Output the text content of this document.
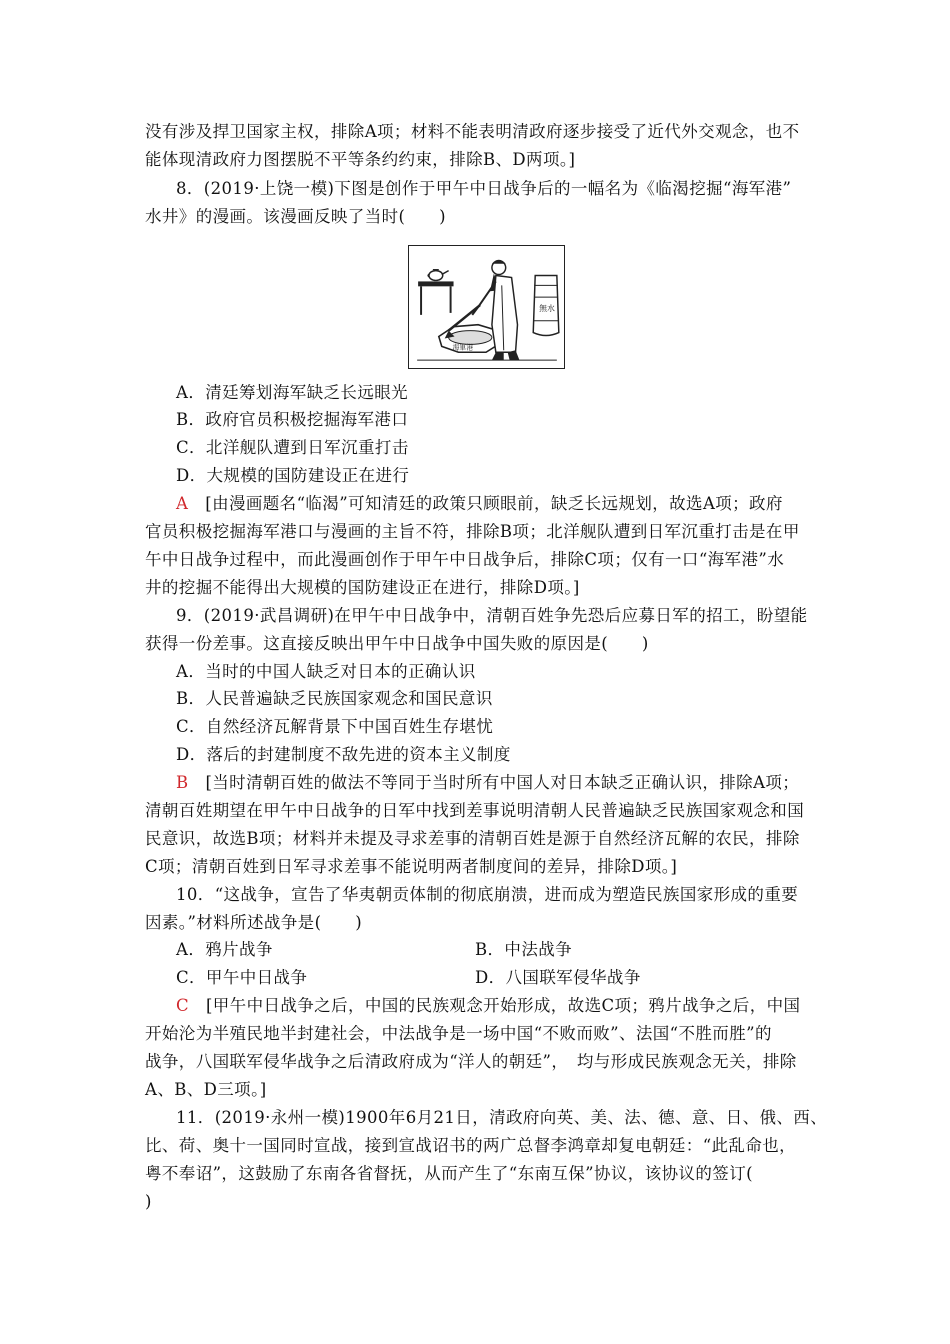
没有涉及捍卫国家主权，排除A项；材料不能表明清政府逐步接受了近代外交观念，也不
能体现清政府力图摆脱不平等条约约束，排除B、D两项。]
8．(2019·上饶一模)下图是创作于甲午中日战争后的一幅名为《临渴挖掘“海军港”
水井》的漫画。该漫画反映了当时(　　)
海軍港
無水
A．清廷筹划海军缺乏长远眼光
B．政府官员积极挖掘海军港口
C．北洋舰队遭到日军沉重打击
D．大规模的国防建设正在进行
A　 [由漫画题名“临渴”可知清廷的政策只顾眼前，缺乏长远规划，故选A项；政府
官员积极挖掘海军港口与漫画的主旨不符，排除B项；北洋舰队遭到日军沉重打击是在甲
午中日战争过程中，而此漫画创作于甲午中日战争后，排除C项；仅有一口“海军港”水
井的挖掘不能得出大规模的国防建设正在进行，排除D项。]
9．(2019·武昌调研)在甲午中日战争中，清朝百姓争先恐后应募日军的招工，盼望能
获得一份差事。这直接反映出甲午中日战争中国失败的原因是(　　)
A．当时的中国人缺乏对日本的正确认识
B．人民普遍缺乏民族国家观念和国民意识
C．自然经济瓦解背景下中国百姓生存堪忧
D．落后的封建制度不敌先进的资本主义制度
B　 [当时清朝百姓的做法不等同于当时所有中国人对日本缺乏正确认识，排除A项；
清朝百姓期望在甲午中日战争的日军中找到差事说明清朝人民普遍缺乏民族国家观念和国
民意识，故选B项；材料并未提及寻求差事的清朝百姓是源于自然经济瓦解的农民，排除
C项；清朝百姓到日军寻求差事不能说明两者制度间的差异，排除D项。]
10．“这战争，宣告了华夷朝贡体制的彻底崩溃，进而成为塑造民族国家形成的重要
因素。”材料所述战争是(　　)
A．鸦片战争	B．中法战争
C．甲午中日战争	D．八国联军侵华战争
C　 [甲午中日战争之后，中国的民族观念开始形成，故选C项；鸦片战争之后，中国
开始沦为半殖民地半封建社会，中法战争是一场中国“不败而败”、法国“不胜而胜”的
战争，八国联军侵华战争之后清政府成为“洋人的朝廷”，　均与形成民族观念无关，排除
A、B、D三项。]
11．(2019·永州一模)1900年6月21日，清政府向英、美、法、德、意、日、俄、西、
比、荷、奥十一国同时宣战，接到宣战诏书的两广总督李鸿章却复电朝廷：“此乱命也，
粤不奉诏”，这鼓励了东南各省督抚，从而产生了“东南互保”协议，该协议的签订(
)
